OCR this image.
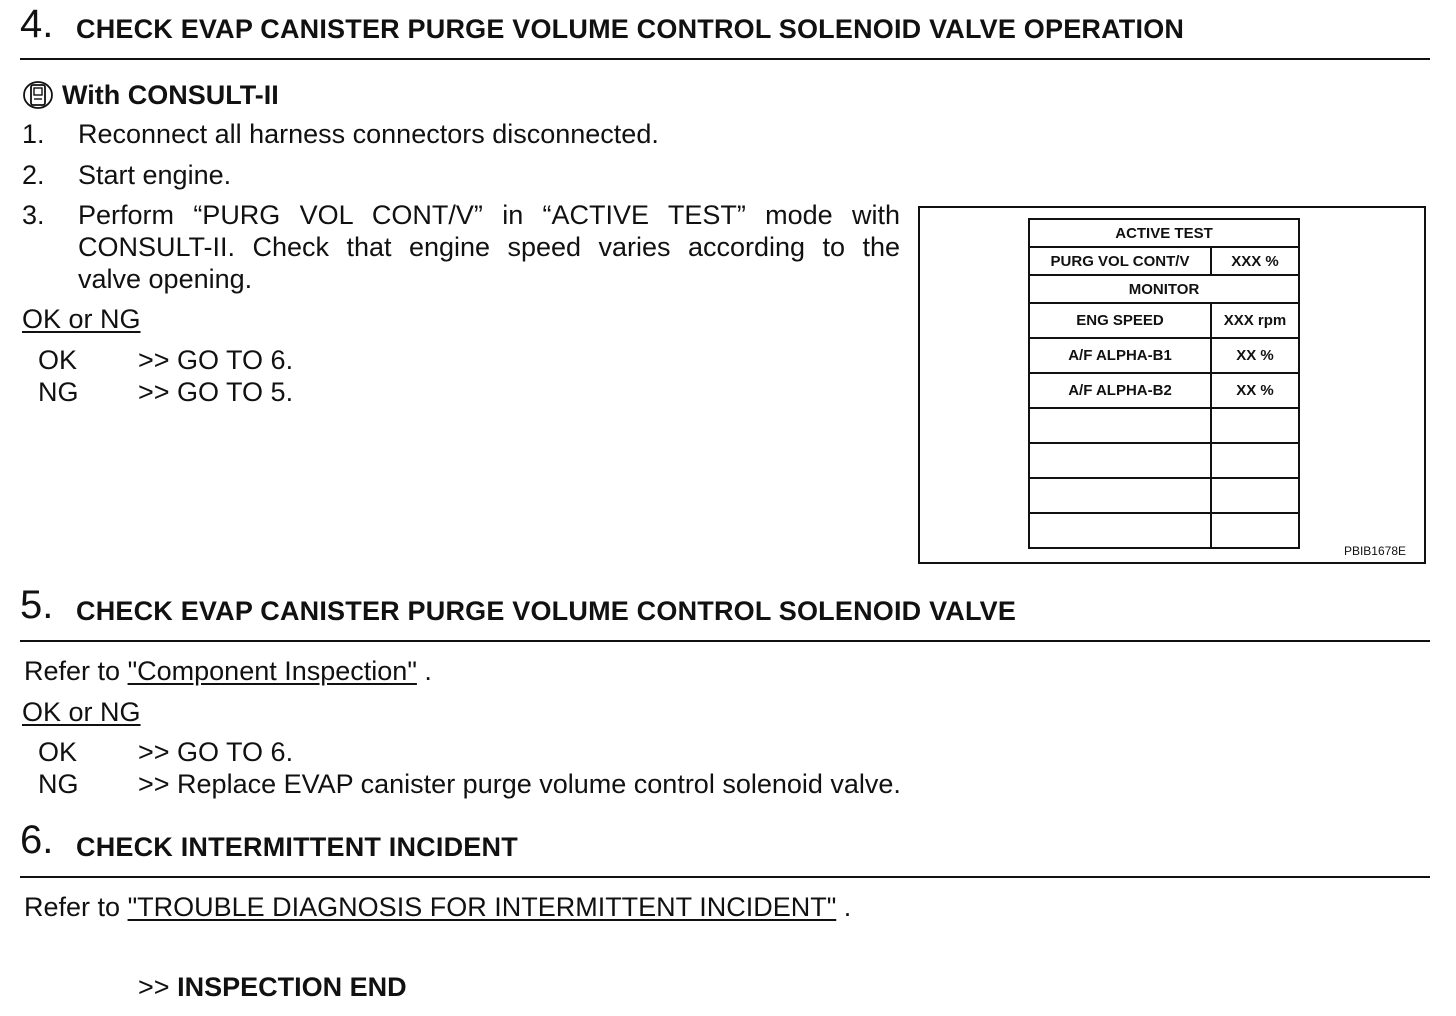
4. CHECK EVAP CANISTER PURGE VOLUME CONTROL SOLENOID VALVE OPERATION
With CONSULT-II
1. Reconnect all harness connectors disconnected.
2. Start engine.
3. Perform “PURG VOL CONT/V” in “ACTIVE TEST” mode with
CONSULT-II. Check that engine speed varies according to the
valve opening.
OK or NG
OK >> GO TO 6.
NG >> GO TO 5.
ACTIVE TEST	
PURG VOL CONT/V	XXX %
MONITOR	
ENG SPEED	XXX rpm
A/F ALPHA-B1	XX %
A/F ALPHA-B2	XX %

PBIB1678E
5. CHECK EVAP CANISTER PURGE VOLUME CONTROL SOLENOID VALVE
Refer to "Component Inspection" .
OK or NG
OK >> GO TO 6.
NG >> Replace EVAP canister purge volume control solenoid valve.
6. CHECK INTERMITTENT INCIDENT
Refer to "TROUBLE DIAGNOSIS FOR INTERMITTENT INCIDENT" .
>> INSPECTION END
